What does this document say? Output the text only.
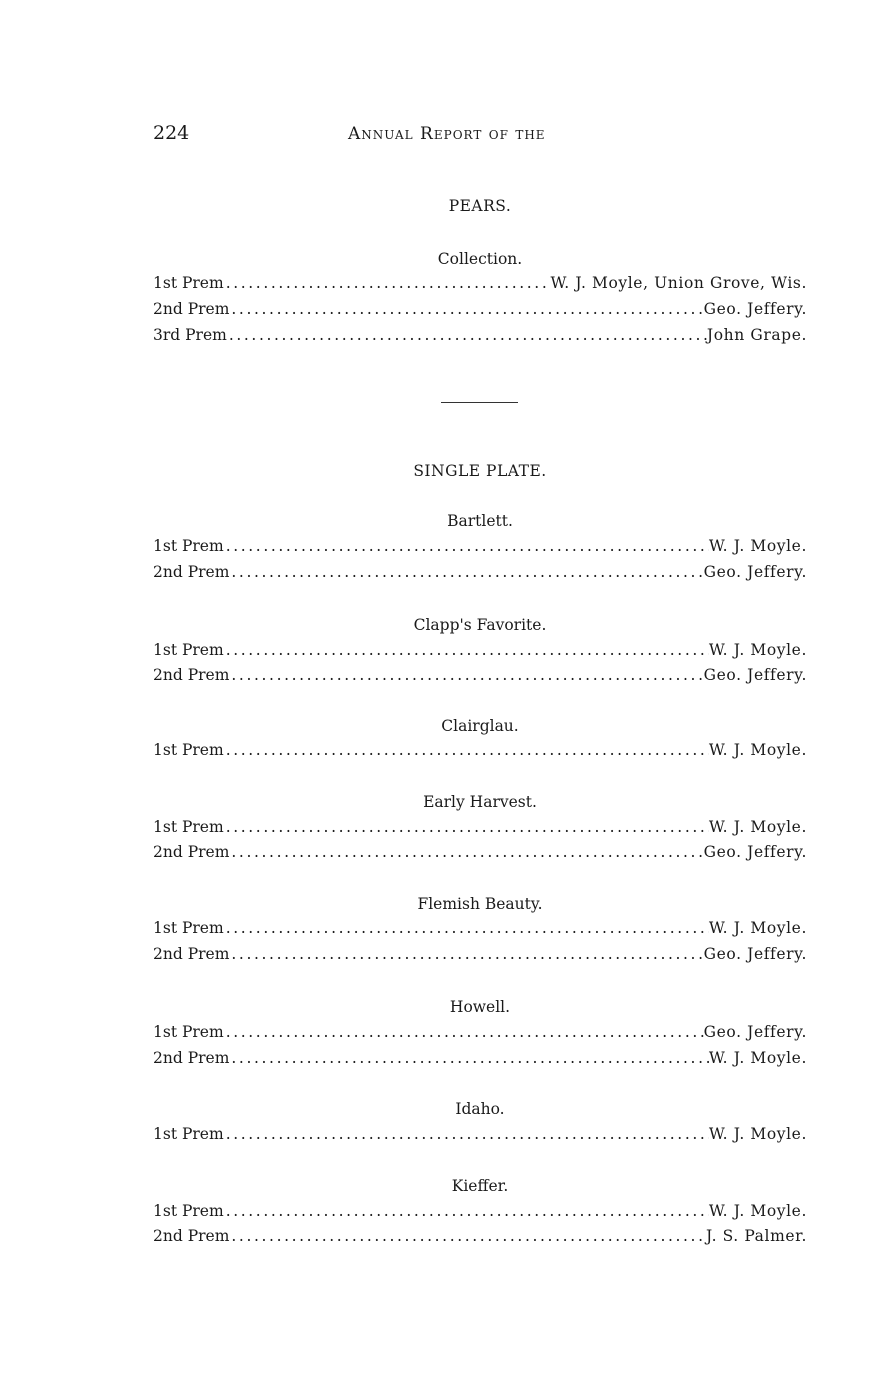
224	Annual Report of the
PEARS.
Collection.
1st Prem .....	W. J. Moyle, Union Grove, Wis.
2nd Prem .....	Geo. Jeffery.
3rd Prem .....	John Grape.
SINGLE PLATE.
Bartlett.
1st Prem .....	W. J. Moyle.
2nd Prem .....	Geo. Jeffery.
Clapp's Favorite.
1st Prem .....	W. J. Moyle.
2nd Prem .....	Geo. Jeffery.
Clairglau.
1st Prem .....	W. J. Moyle.
Early Harvest.
1st Prem .....	W. J. Moyle.
2nd Prem .....	Geo. Jeffery.
Flemish Beauty.
1st Prem .....	W. J. Moyle.
2nd Prem .....	Geo. Jeffery.
Howell.
1st Prem .....	Geo. Jeffery.
2nd Prem .....	W. J. Moyle.
Idaho.
1st Prem .....	W. J. Moyle.
Kieffer.
1st Prem .....	W. J. Moyle.
2nd Prem .....	J. S. Palmer.
